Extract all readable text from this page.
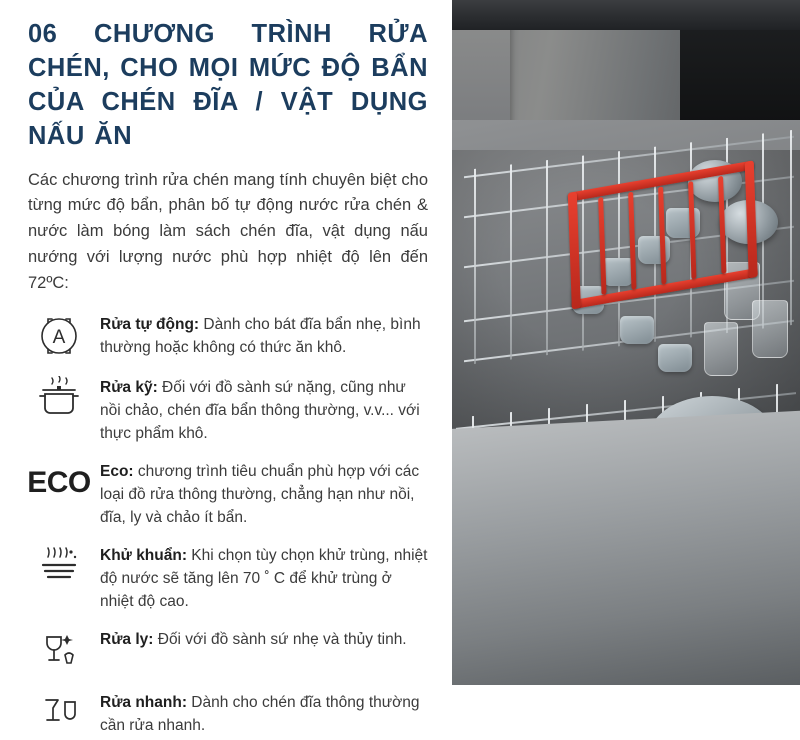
06 CHƯƠNG TRÌNH RỬA CHÉN, CHO MỌI MỨC ĐỘ BẨN CỦA CHÉN ĐĨA / VẬT DỤNG NẤU ĂN

Các chương trình rửa chén mang tính chuyên biệt cho từng mức độ bẩn, phân bố tự động nước rửa chén & nước làm bóng làm sách chén đĩa, vật dụng nấu nướng với lượng nước phù hợp nhiệt độ lên đến 72ºC:

A
Rửa tự động: Dành cho bát đĩa bẩn nhẹ, bình thường hoặc không có thức ăn khô.
Rửa kỹ: Đối với đồ sành sứ nặng, cũng như nồi chảo, chén đĩa bẩn thông thường, v.v... với thực phẩm khô.
ECO Eco: chương trình tiêu chuẩn phù hợp với các loại đồ rửa thông thường, chẳng hạn như nồi, đĩa, ly và chảo ít bẩn.
Khử khuẩn: Khi chọn tùy chọn khử trùng, nhiệt độ nước sẽ tăng lên 70 ˚ C để khử trùng ở nhiệt độ cao.
Rửa ly: Đối với đồ sành sứ nhẹ và thủy tinh.
Rửa nhanh: Dành cho chén đĩa thông thường cần rửa nhanh.
